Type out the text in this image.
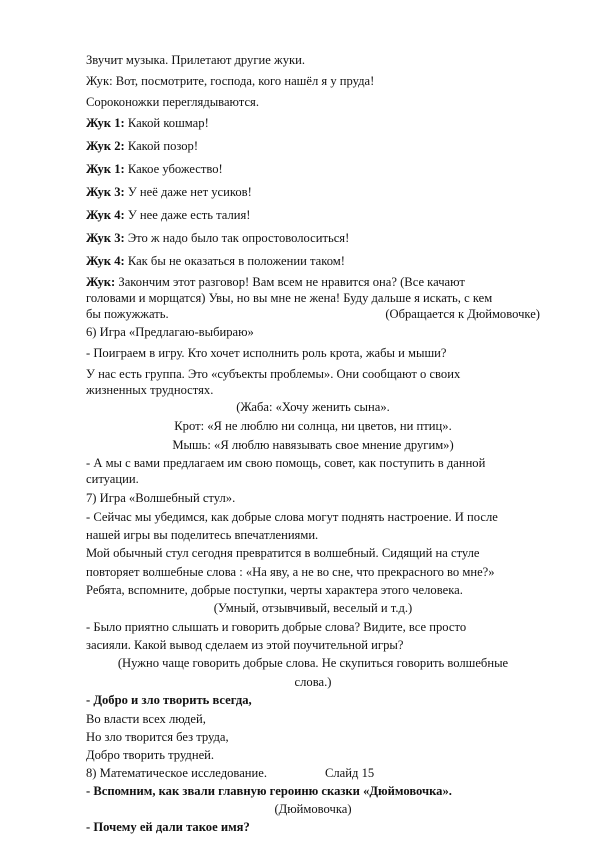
Звучит музыка. Прилетают другие жуки.
Жук: Вот, посмотрите, господа, кого нашёл я у пруда!
Сороконожки переглядываются.
Жук 1: Какой кошмар!
Жук 2: Какой позор!
Жук 1: Какое убожество!
Жук 3: У неё даже нет усиков!
Жук 4: У нее даже есть талия!
Жук 3: Это ж надо было так опростоволоситься!
Жук 4: Как бы не оказаться в положении таком!
Жук: Закончим этот разговор! Вам всем не нравится она? (Все качают
головами и морщатся) Увы, но вы мне не жена! Буду дальше я искать, с кем
бы пожужжать.	(Обращается к Дюймовочке)
6) Игра «Предлагаю-выбираю»
- Поиграем в игру. Кто хочет исполнить роль крота, жабы и мыши?
У нас есть группа. Это «субъекты проблемы». Они сообщают о своих
жизненных трудностях.
(Жаба: «Хочу женить сына».
Крот: «Я не люблю ни солнца, ни цветов, ни птиц».
Мышь: «Я люблю навязывать свое мнение другим»)
- А мы с вами предлагаем им свою помощь, совет, как поступить в данной
ситуации.
7) Игра «Волшебный стул».
- Сейчас мы убедимся, как добрые слова могут поднять настроение. И после
нашей игры вы поделитесь впечатлениями.
Мой обычный стул сегодня превратится в волшебный. Сидящий на стуле
повторяет волшебные слова : «На яву, а не во сне, что прекрасного во мне?»
Ребята, вспомните, добрые поступки, черты характера этого человека.
(Умный, отзывчивый, веселый и т.д.)
- Было приятно слышать и говорить добрые слова? Видите, все просто
засияли. Какой вывод сделаем из этой поучительной игры?
(Нужно чаще говорить добрые слова. Не скупиться говорить волшебные
слова.)
- Добро и зло творить всегда,
Во власти всех людей,
Но зло творится без труда,
Добро творить трудней.
8) Математическое исследование.	Слайд 15
- Вспомним, как звали главную героиню сказки «Дюймовочка».
(Дюймовочка)
- Почему ей дали такое имя?
